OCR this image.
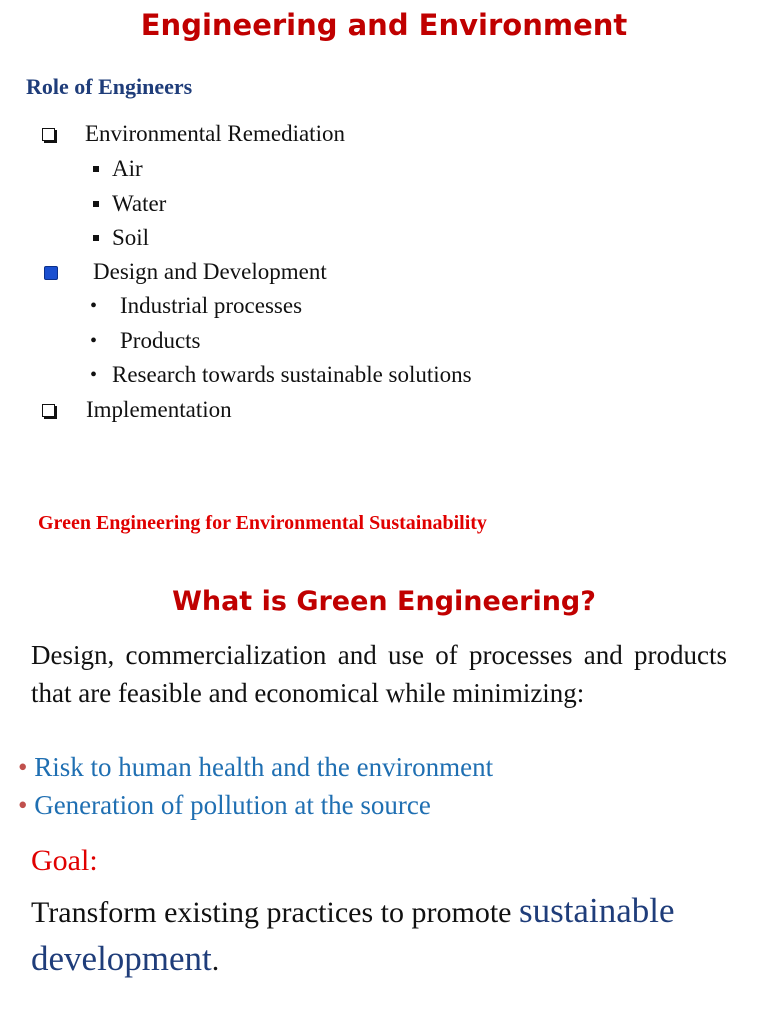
Engineering and Environment
Role of Engineers
Environmental Remediation
Air
Water
Soil
Design and Development
• Industrial processes
• Products
• Research towards sustainable solutions
Implementation
Green Engineering for Environmental Sustainability
What is Green Engineering?

Design, commercialization and use of processes and products that are feasible and economical while minimizing:

• Risk to human health and the environment
• Generation of pollution at the source

Goal:

Transform existing practices to promote sustainable development.
